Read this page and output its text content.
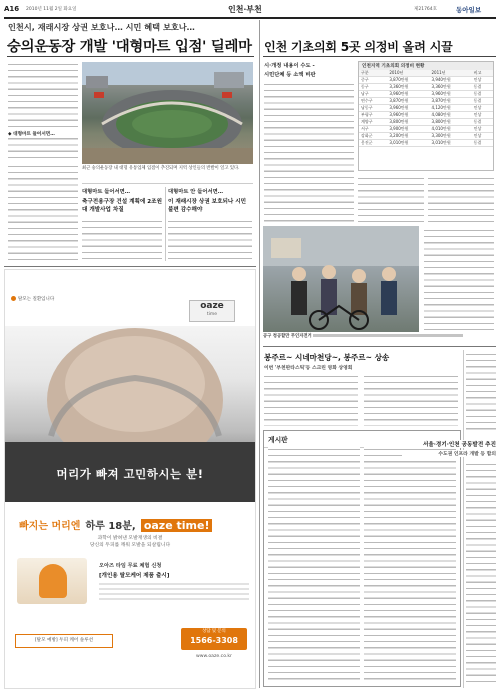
A16 2010년 11월 2일 화요일	인천·부천	제21764호	동아일보
인천시, 재래시장 상권 보호나… 시민 혜택 보호나…
숭의운동장 개발 '대형마트 입점' 딜레마
◆ 대형마트 들어서면…
최근 숭의운동장 내 대형 유통업체 입점이 추진되며 지역 상인들의 반발이 일고 있다.
대형마트 들어서면…	대형마트 안 들어서면…
축구전용구장 건설 계획에 2조원대 개발사업 차질
이 재래시장 상권 보호되나 시민 불편 감수해야
탈모는 질환입니다
oaze
time
머리가 빠져 고민하시는 분!
빠지는 머리엔 하루 18분, oaze time!
과학이 밝혀낸 모발재생의 비결
당신의 두피를 깨워 모발을 되살립니다
오아즈 타임 무료 체험 신청
[개인용 탈모케어 제품 출시]
[탈모 예방] 두피 케어 솔루션
상담 및 문의
1566-3308
www.oaze.co.kr
인천 기초의회 5곳 의정비 올려 시끌
시·개정 내용이 수도 -
시민단체 등 소액 비판
인천지역 기초의회 의정비 현황
구분	2010년	2011년	비고
중구	3,870만원	3,940만원	인상
동구	3,360만원	3,360만원	동결
남구	3,960만원	3,960만원	동결
연수구	3,870만원	3,870만원	동결
남동구	3,960만원	4,120만원	인상
부평구	3,960만원	4,080만원	인상
계양구	3,800만원	3,800만원	동결
서구	3,900만원	4,010만원	인상
강화군	3,200만원	3,300만원	인상
옹진군	3,010만원	3,010만원	동결
공구 청공할만 무인자전거
봉주르~ 시네마천당~, 봉주르~ 상송
이번 '부천판타스틱'등 스크린 영화 상영회
게시판
서울·경기·인천 공동발전 추진
수도권 인프라 개발 등 합의
